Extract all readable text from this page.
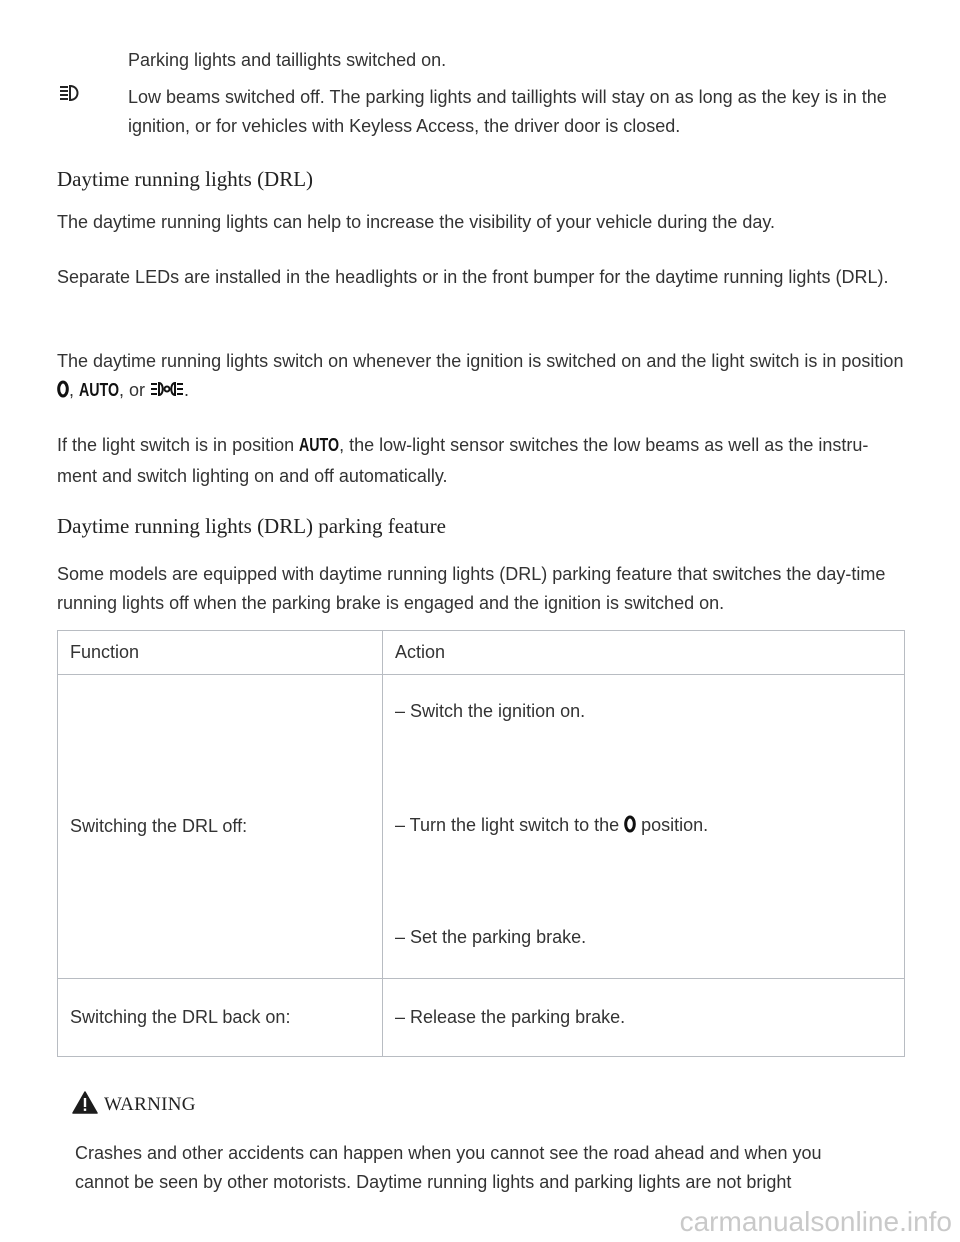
Parking lights and taillights switched on.

Low beams switched off. The parking lights and taillights will stay on as long as the key is in the ignition, or for vehicles with Keyless Access, the driver door is closed.

Daytime running lights (DRL)

The daytime running lights can help to increase the visibility of your vehicle during the day.

Separate LEDs are installed in the headlights or in the front bumper for the daytime running lights (DRL).

The daytime running lights switch on whenever the ignition is switched on and the light switch is in position , AUTO , or .

If the light switch is in position AUTO , the low-light sensor switches the low beams as well as the instru-ment and switch lighting on and off automatically.

Daytime running lights (DRL) parking feature

Some models are equipped with daytime running lights (DRL) parking feature that switches the day-time running lights off when the parking brake is engaged and the ignition is switched on.

Function	Action
Switching the DRL off:	– Switch the ignition on.
– Turn the light switch to the  position.
– Set the parking brake.

Switching the DRL back on:	– Release the parking brake.
WARNING

Crashes and other accidents can happen when you cannot see the road ahead and when you cannot be seen by other motorists. Daytime running lights and parking lights are not bright

carmanualsonline.info
